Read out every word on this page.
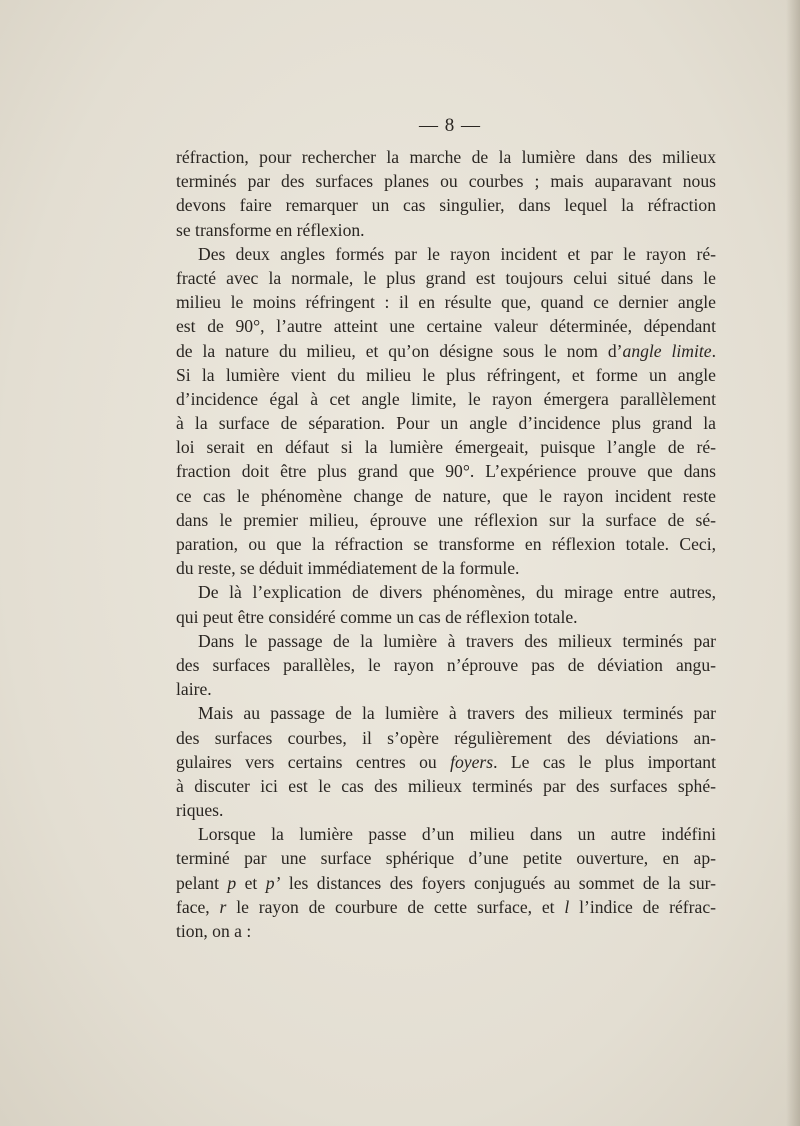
— 8 —
réfraction, pour rechercher la marche de la lumière dans des milieux
terminés par des surfaces planes ou courbes ; mais auparavant nous
devons faire remarquer un cas singulier, dans lequel la réfraction
se transforme en réflexion.
Des deux angles formés par le rayon incident et par le rayon ré-
fracté avec la normale, le plus grand est toujours celui situé dans le
milieu le moins réfringent : il en résulte que, quand ce dernier angle
est de 90°, l’autre atteint une certaine valeur déterminée, dépendant
de la nature du milieu, et qu’on désigne sous le nom d’angle limite.
Si la lumière vient du milieu le plus réfringent, et forme un angle
d’incidence égal à cet angle limite, le rayon émergera parallèlement
à la surface de séparation. Pour un angle d’incidence plus grand la
loi serait en défaut si la lumière émergeait, puisque l’angle de ré-
fraction doit être plus grand que 90°. L’expérience prouve que dans
ce cas le phénomène change de nature, que le rayon incident reste
dans le premier milieu, éprouve une réflexion sur la surface de sé-
paration, ou que la réfraction se transforme en réflexion totale. Ceci,
du reste, se déduit immédiatement de la formule.
De là l’explication de divers phénomènes, du mirage entre autres,
qui peut être considéré comme un cas de réflexion totale.
Dans le passage de la lumière à travers des milieux terminés par
des surfaces parallèles, le rayon n’éprouve pas de déviation angu-
laire.
Mais au passage de la lumière à travers des milieux terminés par
des surfaces courbes, il s’opère régulièrement des déviations an-
gulaires vers certains centres ou foyers. Le cas le plus important
à discuter ici est le cas des milieux terminés par des surfaces sphé-
riques.
Lorsque la lumière passe d’un milieu dans un autre indéfini
terminé par une surface sphérique d’une petite ouverture, en ap-
pelant p et p’ les distances des foyers conjugués au sommet de la sur-
face, r le rayon de courbure de cette surface, et l l’indice de réfrac-
tion, on a :
